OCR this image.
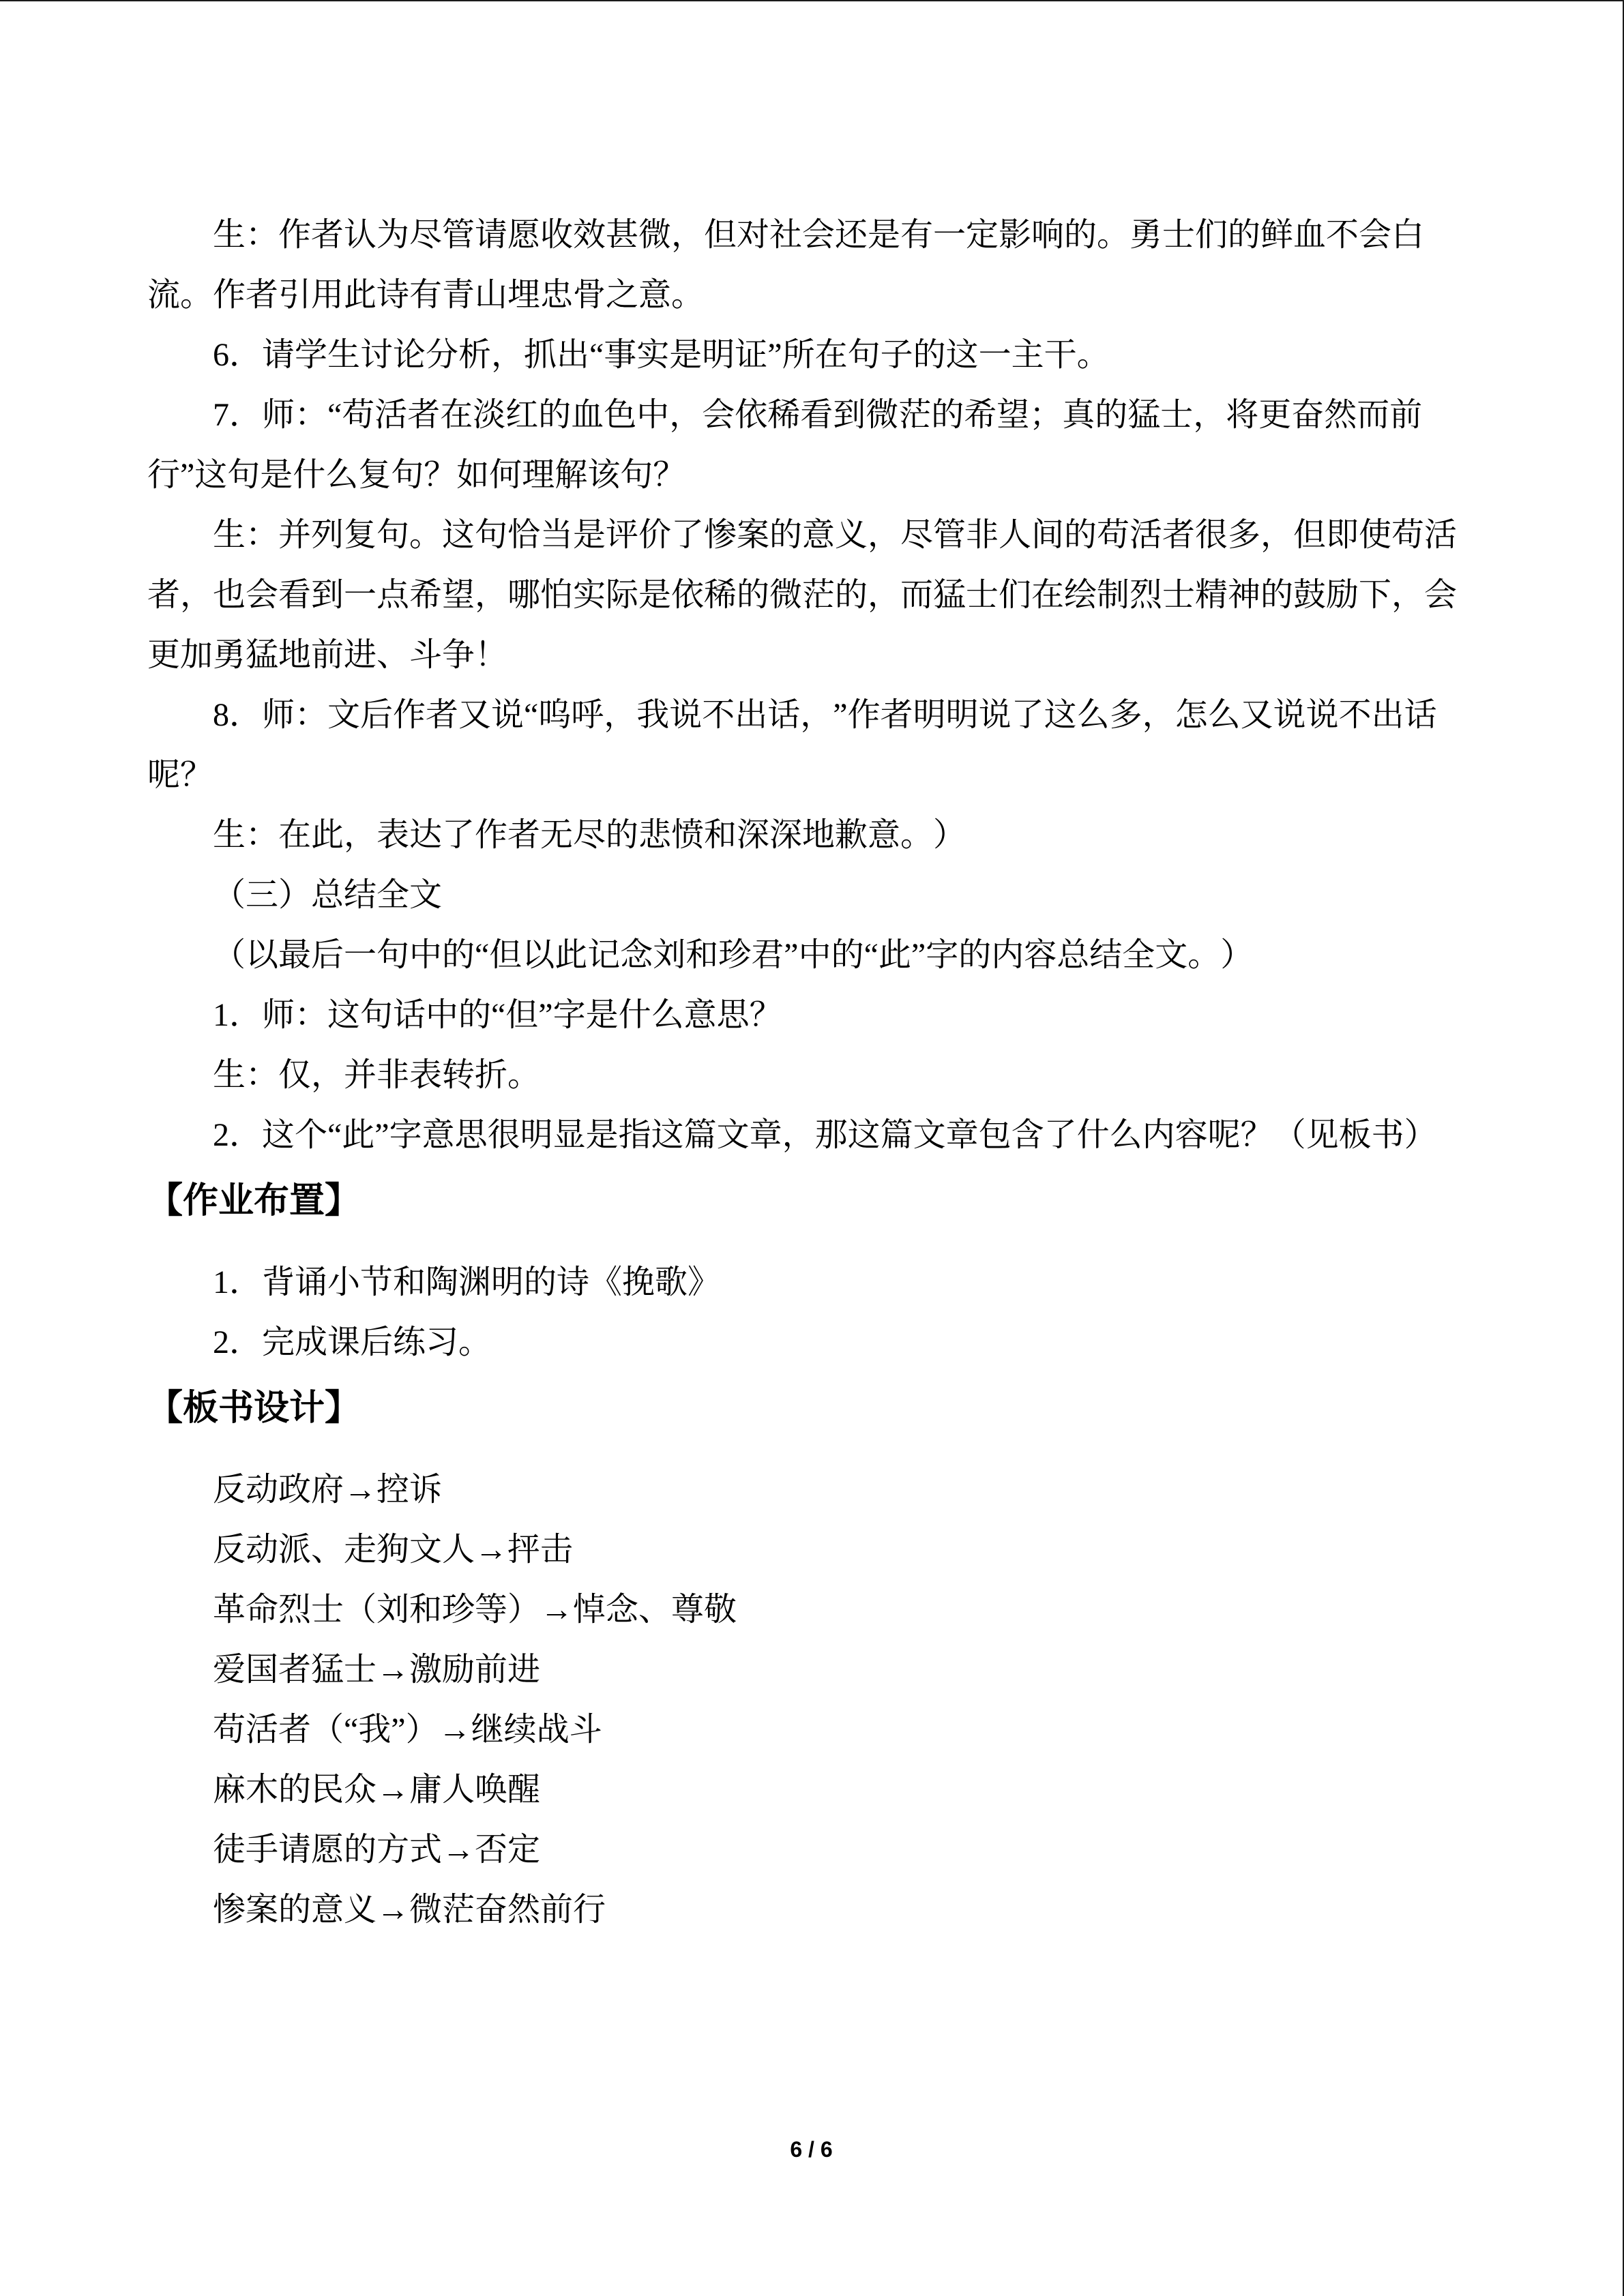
生：作者认为尽管请愿收效甚微，但对社会还是有一定影响的。勇士们的鲜血不会白
流。作者引用此诗有青山埋忠骨之意。
6．请学生讨论分析，抓出“事实是明证”所在句子的这一主干。
7．师：“苟活者在淡红的血色中，会依稀看到微茫的希望；真的猛士，将更奋然而前
行”这句是什么复句？如何理解该句？
生：并列复句。这句恰当是评价了惨案的意义，尽管非人间的苟活者很多，但即使苟活
者，也会看到一点希望，哪怕实际是依稀的微茫的，而猛士们在绘制烈士精神的鼓励下，会
更加勇猛地前进、斗争！
8．师：文后作者又说“呜呼，我说不出话，”作者明明说了这么多，怎么又说说不出话
呢？
生：在此，表达了作者无尽的悲愤和深深地歉意。）
（三）总结全文
（以最后一句中的“但以此记念刘和珍君”中的“此”字的内容总结全文。）
1．师：这句话中的“但”字是什么意思？
生：仅，并非表转折。
2．这个“此”字意思很明显是指这篇文章，那这篇文章包含了什么内容呢？（见板书）
【作业布置】
1．背诵小节和陶渊明的诗《挽歌》
2．完成课后练习。
【板书设计】
反动政府→控诉
反动派、走狗文人→抨击
革命烈士（刘和珍等）→悼念、尊敬
爱国者猛士→激励前进
苟活者（“我”）→继续战斗
麻木的民众→庸人唤醒
徒手请愿的方式→否定
惨案的意义→微茫奋然前行
6 / 6
